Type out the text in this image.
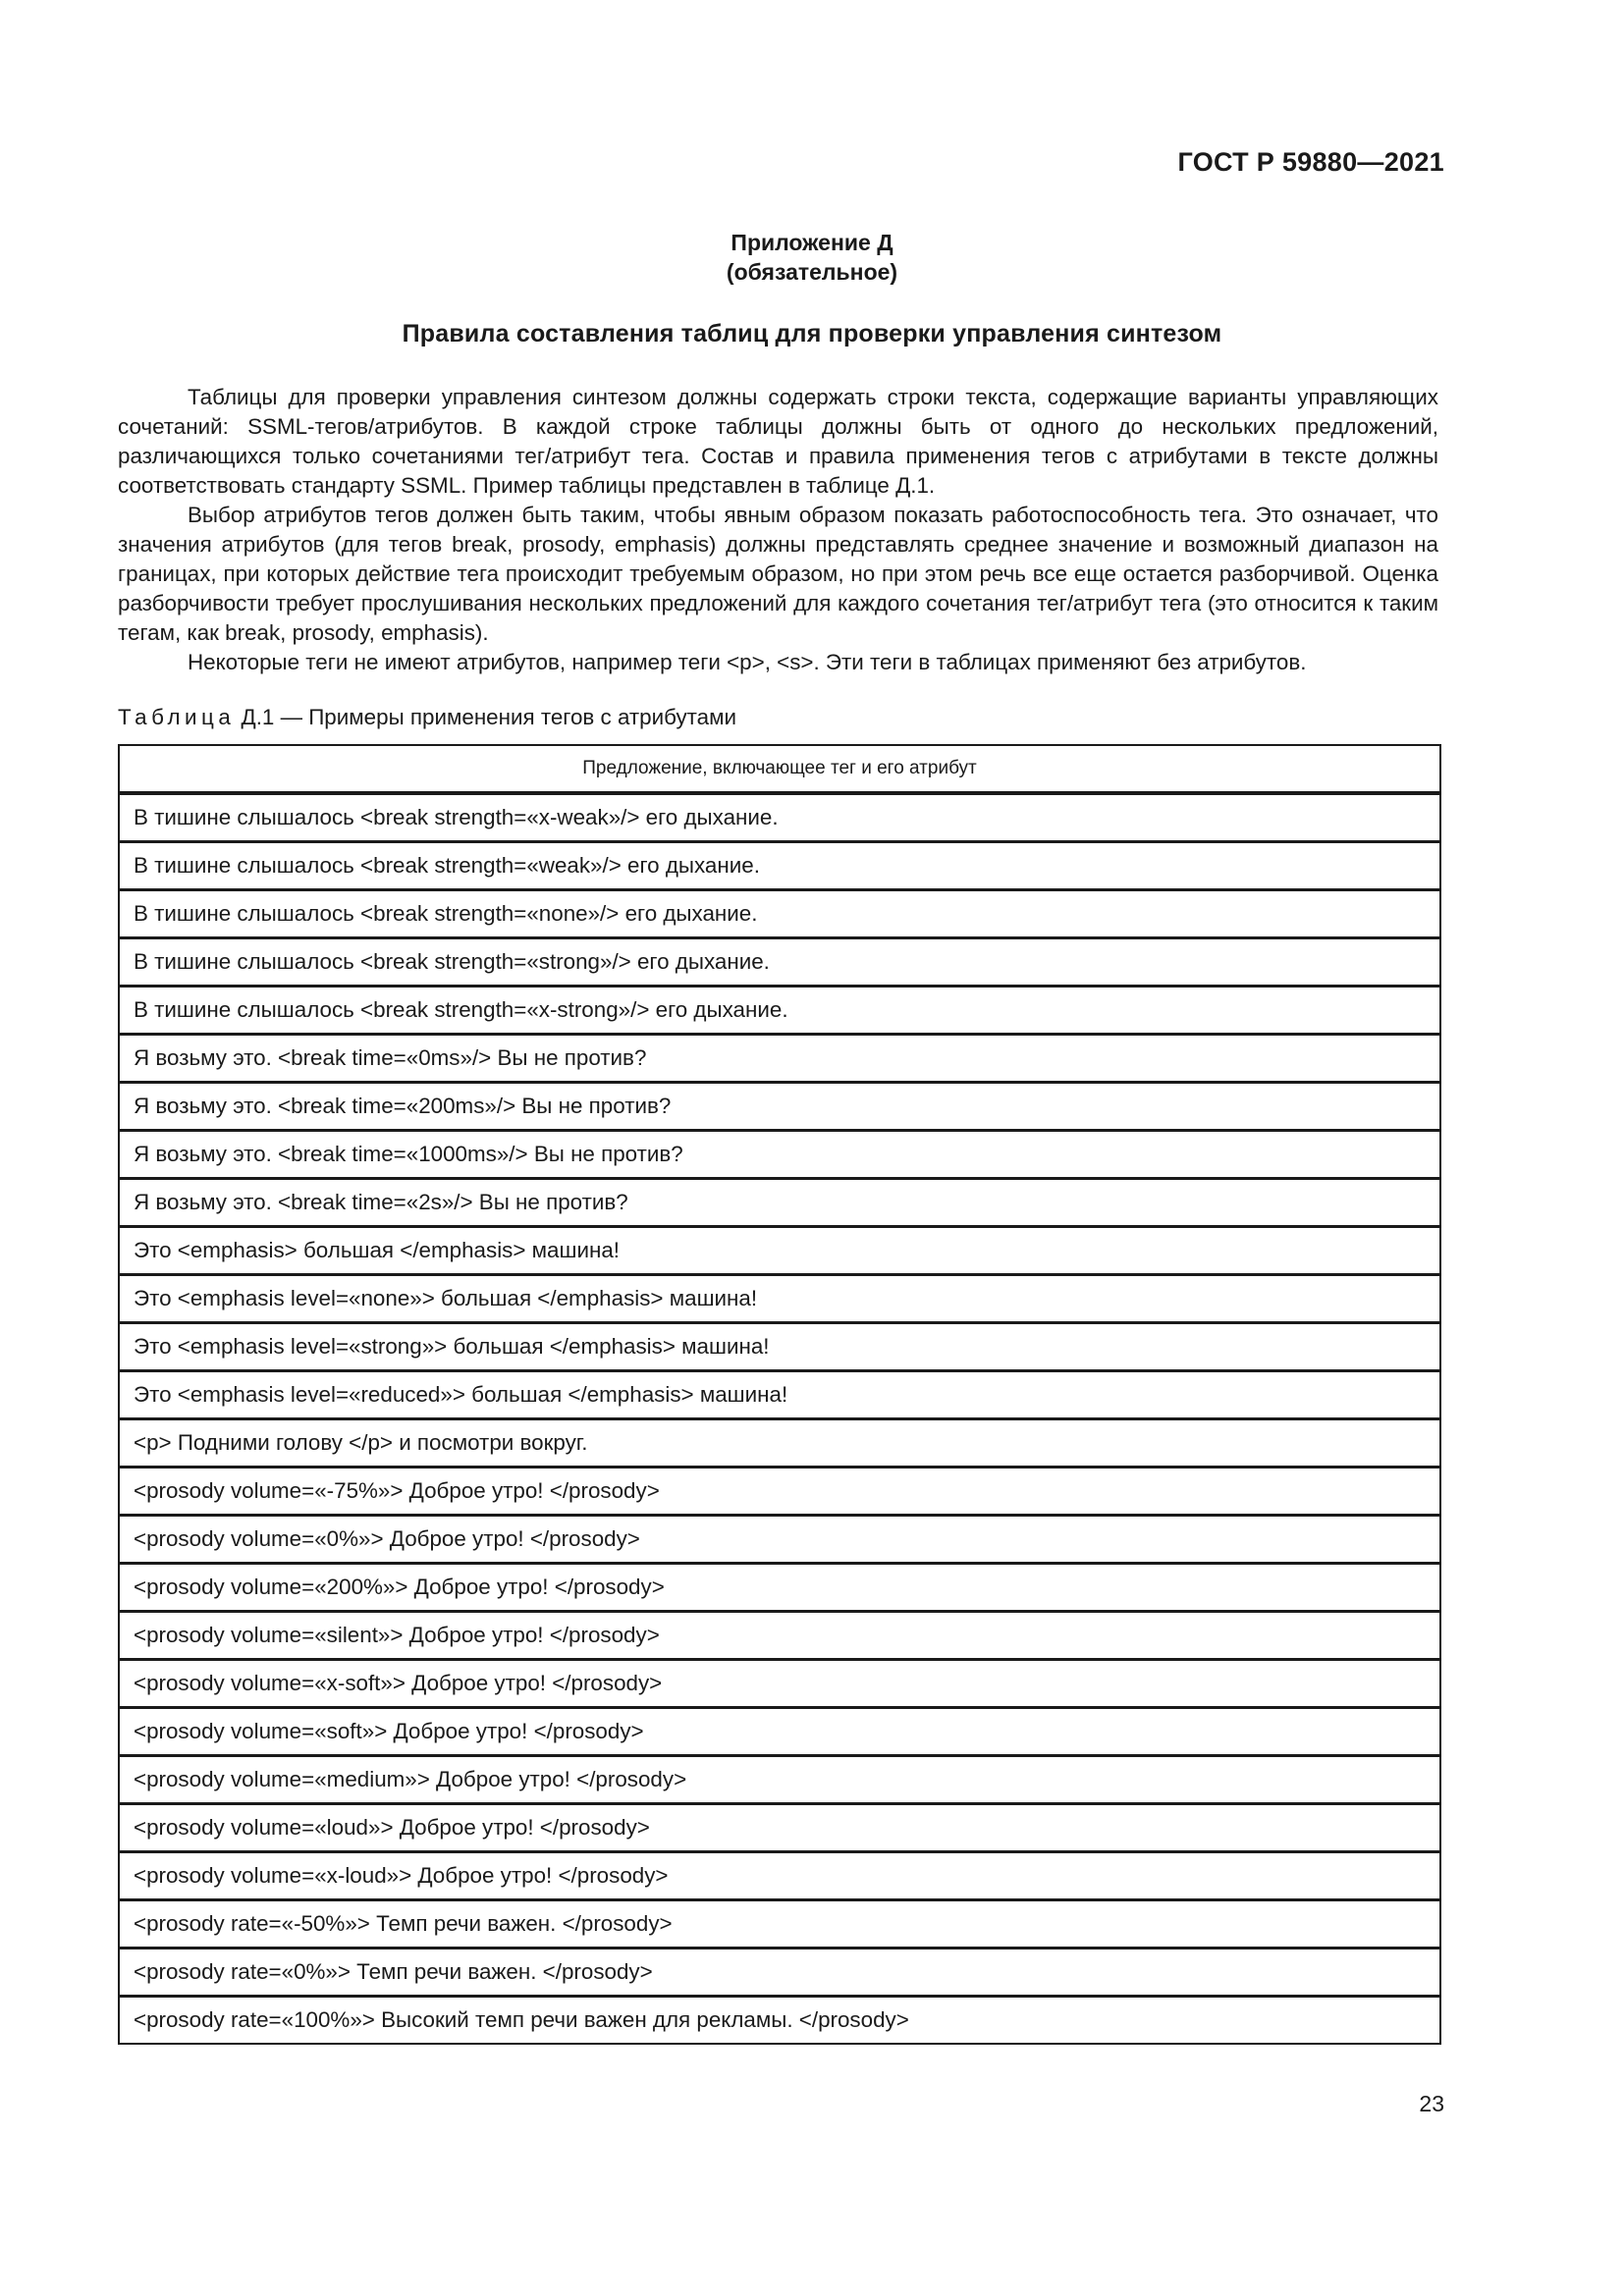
ГОСТ Р 59880—2021
Приложение Д
(обязательное)
Правила составления таблиц для проверки управления синтезом

Таблицы для проверки управления синтезом должны содержать строки текста, содержащие варианты управляющих сочетаний: SSML-тегов/атрибутов. В каждой строке таблицы должны быть от одного до нескольких предложений, различающихся только сочетаниями тег/атрибут тега. Состав и правила применения тегов с атрибутами в тексте должны соответствовать стандарту SSML. Пример таблицы представлен в таблице Д.1.

Выбор атрибутов тегов должен быть таким, чтобы явным образом показать работоспособность тега. Это означает, что значения атрибутов (для тегов break, prosody, emphasis) должны представлять среднее значение и возможный диапазон на границах, при которых действие тега происходит требуемым образом, но при этом речь все еще остается разборчивой. Оценка разборчивости требует прослушивания нескольких предложений для каждого сочетания тег/атрибут тега (это относится к таким тегам, как break, prosody, emphasis).

Некоторые теги не имеют атрибутов, например теги <p>, <s>. Эти теги в таблицах применяют без атрибутов.

Таблица Д.1 — Примеры применения тегов с атрибутами
Предложение, включающее тег и его атрибут
В тишине слышалось <break strength=«x-weak»/> его дыхание.
В тишине слышалось <break strength=«weak»/> его дыхание.
В тишине слышалось <break strength=«none»/> его дыхание.
В тишине слышалось <break strength=«strong»/> его дыхание.
В тишине слышалось <break strength=«x-strong»/> его дыхание.
Я возьму это. <break time=«0ms»/> Вы не против?
Я возьму это. <break time=«200ms»/> Вы не против?
Я возьму это. <break time=«1000ms»/> Вы не против?
Я возьму это. <break time=«2s»/> Вы не против?
Это <emphasis> большая </emphasis> машина!
Это <emphasis level=«none»> большая </emphasis> машина!
Это <emphasis level=«strong»> большая </emphasis> машина!
Это <emphasis level=«reduced»> большая </emphasis> машина!
<p> Подними голову </p> и посмотри вокруг.
<prosody volume=«-75%»> Доброе утро! </prosody>
<prosody volume=«0%»> Доброе утро! </prosody>
<prosody volume=«200%»> Доброе утро! </prosody>
<prosody volume=«silent»> Доброе утро! </prosody>
<prosody volume=«x-soft»> Доброе утро! </prosody>
<prosody volume=«soft»> Доброе утро! </prosody>
<prosody volume=«medium»> Доброе утро! </prosody>
<prosody volume=«loud»> Доброе утро! </prosody>
<prosody volume=«x-loud»> Доброе утро! </prosody>
<prosody rate=«-50%»> Темп речи важен. </prosody>
<prosody rate=«0%»> Темп речи важен. </prosody>
<prosody rate=«100%»> Высокий темп речи важен для рекламы. </prosody>
23
